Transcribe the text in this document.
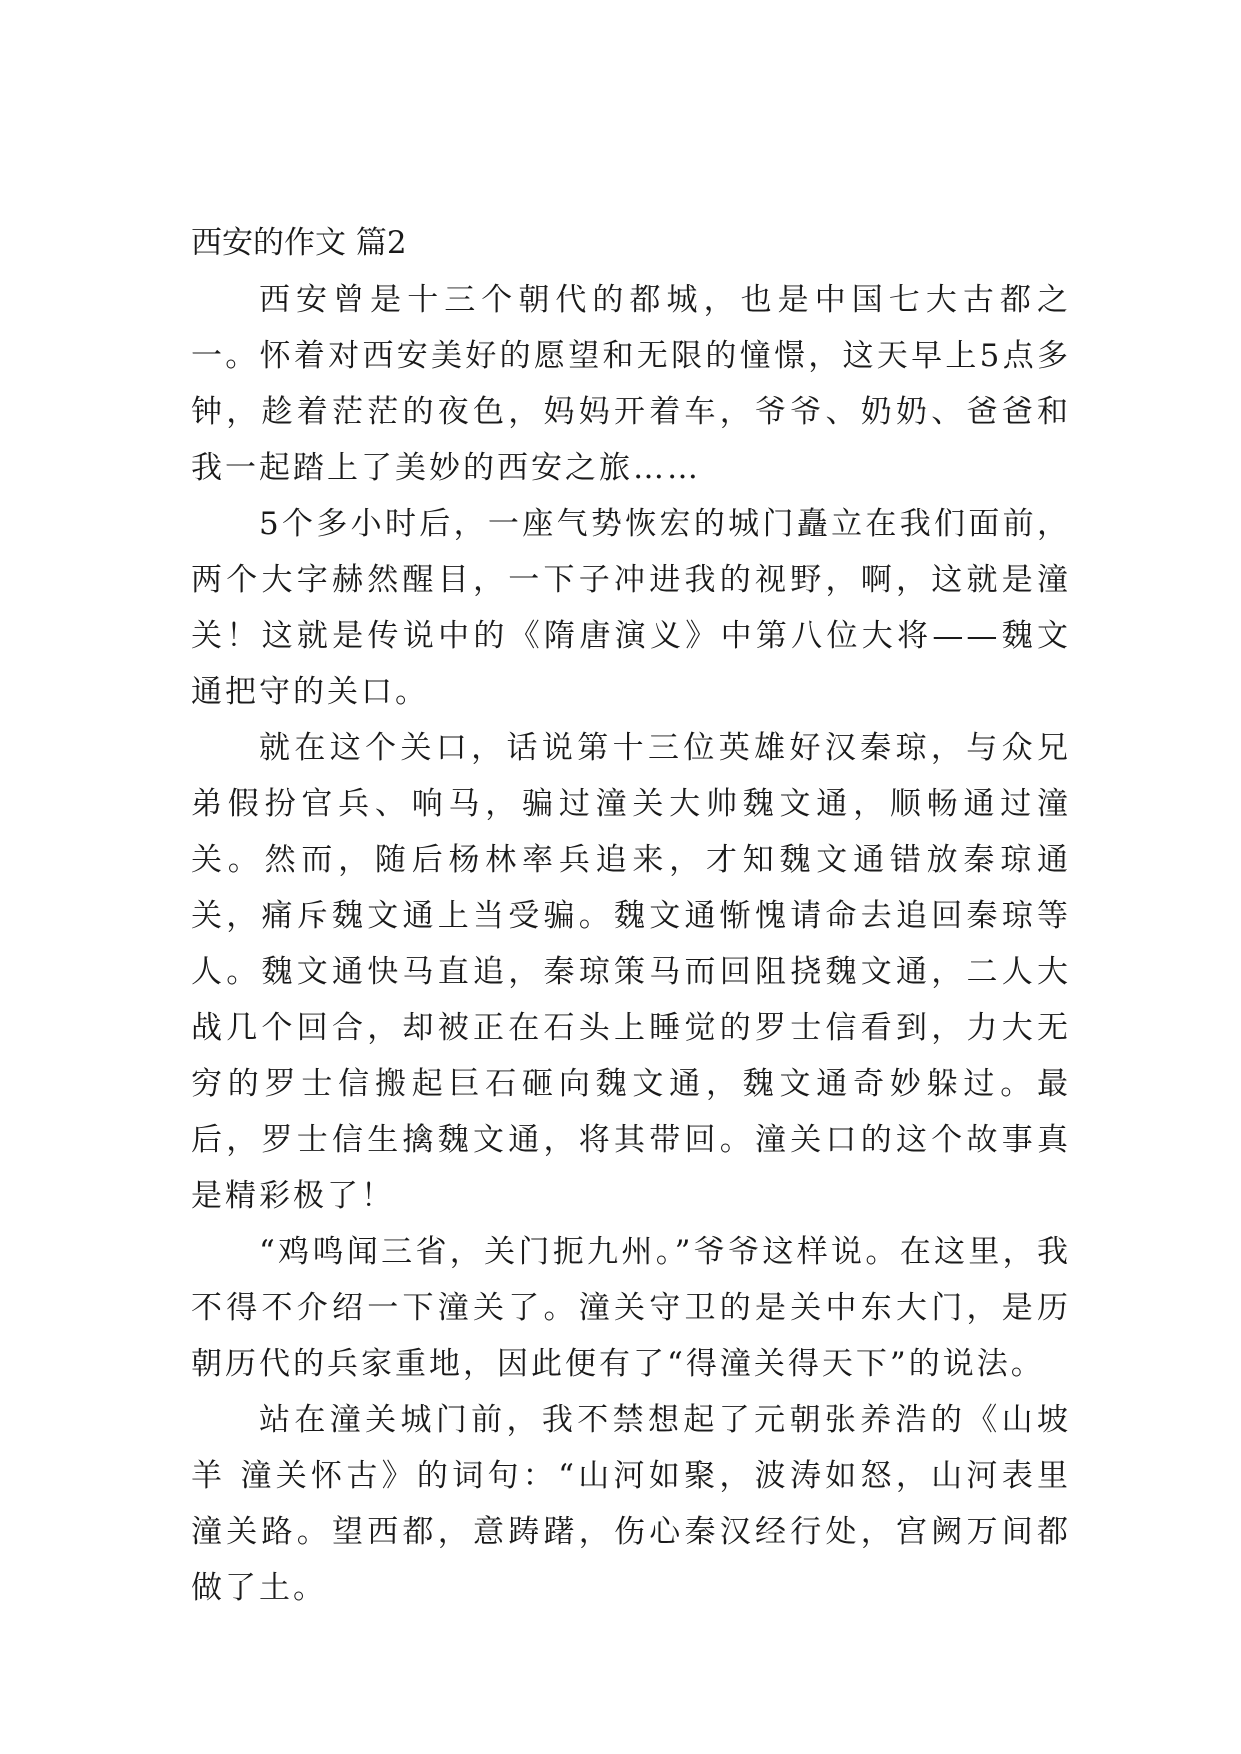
西安的作文 篇2

西安曾是十三个朝代的都城，也是中国七大古都之一。怀着对西安美好的愿望和无限的憧憬，这天早上5点多钟，趁着茫茫的夜色，妈妈开着车，爷爷、奶奶、爸爸和我一起踏上了美妙的西安之旅……

5个多小时后，一座气势恢宏的城门矗立在我们面前，两个大字赫然醒目，一下子冲进我的视野，啊，这就是潼关！这就是传说中的《隋唐演义》中第八位大将——魏文通把守的关口。

就在这个关口，话说第十三位英雄好汉秦琼，与众兄弟假扮官兵、响马，骗过潼关大帅魏文通，顺畅通过潼关。然而，随后杨林率兵追来，才知魏文通错放秦琼通关，痛斥魏文通上当受骗。魏文通惭愧请命去追回秦琼等人。魏文通快马直追，秦琼策马而回阻挠魏文通，二人大战几个回合，却被正在石头上睡觉的罗士信看到，力大无穷的罗士信搬起巨石砸向魏文通，魏文通奇妙躲过。最后，罗士信生擒魏文通，将其带回。潼关口的这个故事真是精彩极了！

“鸡鸣闻三省，关门扼九州。”爷爷这样说。在这里，我不得不介绍一下潼关了。潼关守卫的是关中东大门，是历朝历代的兵家重地，因此便有了“得潼关得天下”的说法。

站在潼关城门前，我不禁想起了元朝张养浩的《山坡羊 潼关怀古》的词句：“山河如聚，波涛如怒，山河表里潼关路。望西都，意踌躇，伤心秦汉经行处，宫阙万间都做了土。
